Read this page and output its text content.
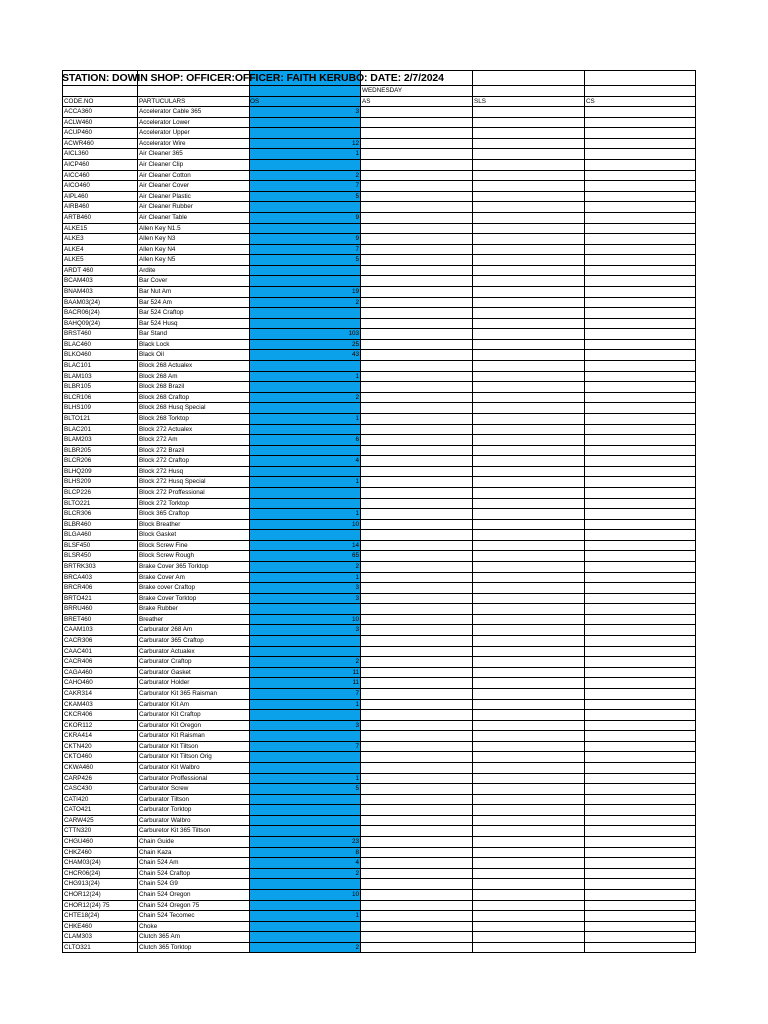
STATION: DOWIN SHOP: OFFICER:OFFICER: FAITH KERUBO: DATE: 2/7/2024
WEDNESDAY
CODE.NO	PARTUCULARS	OS	AS	SLS	CS
ACCA360	Accelerator Cable 365	3
ACLW460	Accelerator Lower
ACUP460	Accelerator Upper
ACWR460	Accelerator Wire	12
AICL360	Air Cleaner 365	1
AICP460	Air Cleaner Clip
AICC460	Air Cleaner Cotton	2
AICO460	Air Cleaner Cover	7
AIPL460	Air Cleaner Plastic	5
AIRB460	Air Cleaner Rubber
ARTB460	Air Cleaner Table	9
ALKE15	Allen Key N1.5
ALKE3	Allen Key N3	9
ALKE4	Allen Key N4	7
ALKE5	Allen Key N5	5
ARDT 460	Ardite
BCAM403	Bar Cover
BNAM403	Bar Nut Am	19
BAAM03(24)	Bar 524 Am	2
BACR06(24)	Bar 524 Craftop
BAHQ09(24)	Bar 524 Husq
BRST460	Bar Stand	103
BLAC460	Black Lock	25
BLKO460	Black Oil	43
BLAC101	Block 268 Actualex
BLAM103	Block 268 Am	1
BLBR105	Block 268 Brazil
BLCR106	Block 268 Craftop	2
BLHS109	Block 268 Husq Special
BLTO121	Block 268 Torktop	1
BLAC201	Block 272 Actualex
BLAM203	Block 272 Am	6
BLBR205	Block 272 Brazil
BLCR206	Block 272 Craftop	4
BLHQ209	Block 272 Husq
BLHS209	Block 272 Husq Special	1
BLCP226	Block 272 Proffessional
BLTO221	Block 272 Torktop
BLCR306	Block 365 Craftop	1
BLBR460	Block Breather	10
BLGA460	Block Gasket
BLSF450	Block Screw Fine	14
BLSR450	Block Screw Rough	65
BRTRK303	Brake Cover 365 Torktop	2
BRCA403	Brake Cover Am	1
BRCR406	Brake cover Craftop	3
BRTO421	Brake Cover Torktop	3
BRRU460	Brake Rubber
BRET460	Breather	10
CAAM103	Carburator 268 Am	3
CACR306	Carburator 365 Craftop
CAAC401	Carburator Actualex
CACR406	Carburator Craftop	2
CAGA460	Carburator Gasket	11
CAHO460	Carburator Holder	11
CAKR314	Carburator Kit 365 Raisman	7
CKAM403	Carburator Kit Am	1
CKCR406	Carburator Kit Craftop
CKOR112	Carburator Kit Oregon	3
CKRA414	Carburator Kit Raisman
CKTN420	Carburator Kit Tiltson	7
CKTO460	Carburator Kit Tiltson Orig
CKWA460	Carburator Kit Walbro
CARP426	Carburator Proffessional	1
CASC430	Carburator Screw	5
CATI420	Carburator Tiltson
CATO421	Carburator Torktop
CARW425	Carburator Walbro
CTTN320	Carburetor Kit 365 Tiltson
CHGU460	Chain Guide	23
CHKZ460	Chain Kaza	8
CHAM03(24)	Chain 524 Am	4
CHCR06(24)	Chain 524 Craftop	2
CHG913(24)	Chain 524 G9
CHOR12(24)	Chain 524 Oregon	10
CHOR12(24) 75	Chain 524 Oregon 75
CHTE18(24)	Chain 524 Tecomec	1
CHKE460	Choke
CLAM303	Clutch 365 Am
CLTO321	Clutch 365 Torktop	2
